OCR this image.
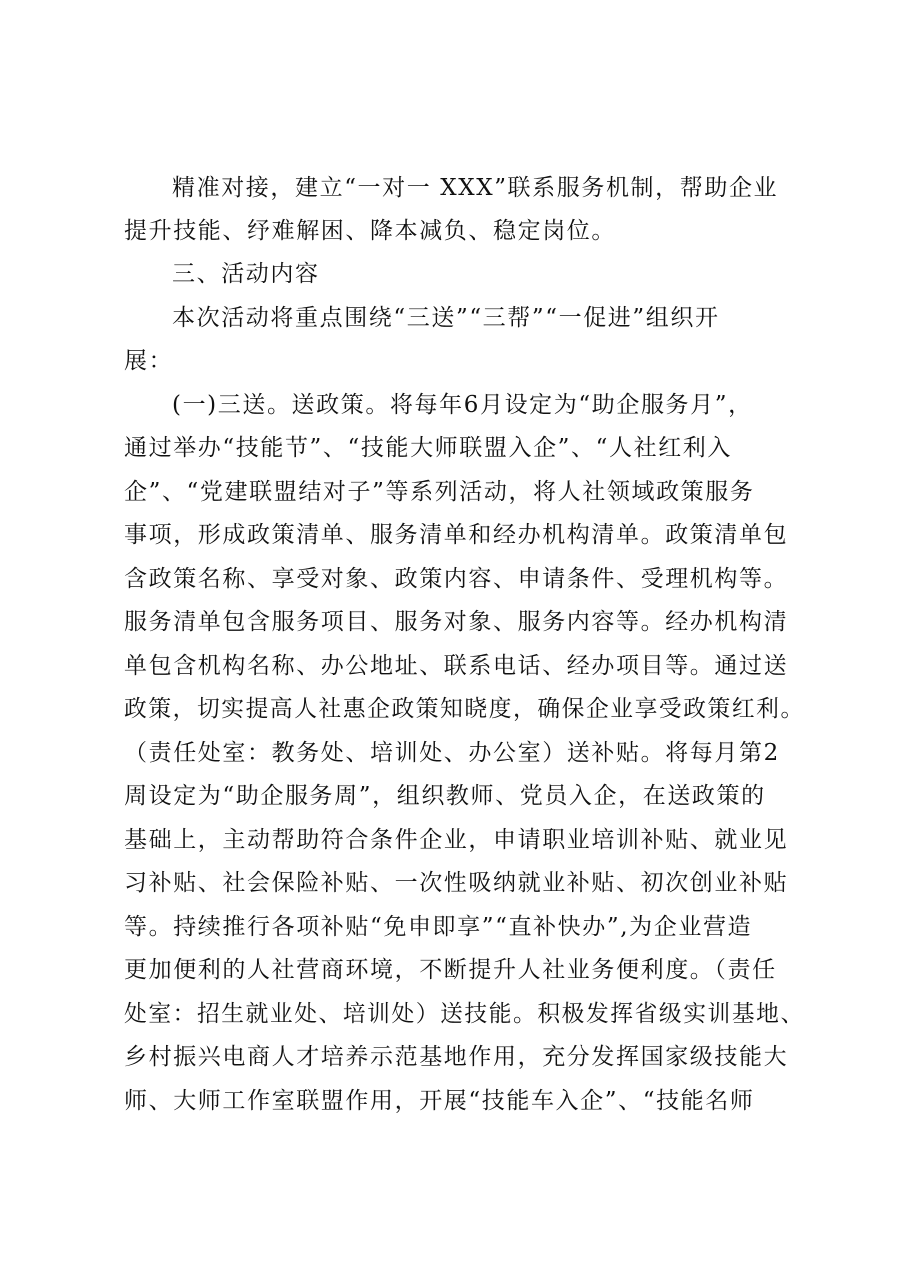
精准对接，建立“一对一 XXX”联系服务机制，帮助企业
提升技能、纾难解困、降本减负、稳定岗位。
三、活动内容
本次活动将重点围绕“三送”“三帮”“一促进”组织开
展：
(一)三送。送政策。将每年6月设定为“助企服务月”，
通过举办“技能节”、“技能大师联盟入企”、“人社红利入
企”、“党建联盟结对子”等系列活动，将人社领域政策服务
事项，形成政策清单、服务清单和经办机构清单。政策清单包
含政策名称、享受对象、政策内容、申请条件、受理机构等。
服务清单包含服务项目、服务对象、服务内容等。经办机构清
单包含机构名称、办公地址、联系电话、经办项目等。通过送
政策，切实提高人社惠企政策知晓度，确保企业享受政策红利。
（责任处室：教务处、培训处、办公室）送补贴。将每月第2
周设定为“助企服务周”，组织教师、党员入企，在送政策的
基础上，主动帮助符合条件企业，申请职业培训补贴、就业见
习补贴、社会保险补贴、一次性吸纳就业补贴、初次创业补贴
等。持续推行各项补贴“免申即享”“直补快办”,为企业营造
更加便利的人社营商环境，不断提升人社业务便利度。（责任
处室：招生就业处、培训处）送技能。积极发挥省级实训基地、
乡村振兴电商人才培养示范基地作用，充分发挥国家级技能大
师、大师工作室联盟作用，开展“技能车入企”、“技能名师
